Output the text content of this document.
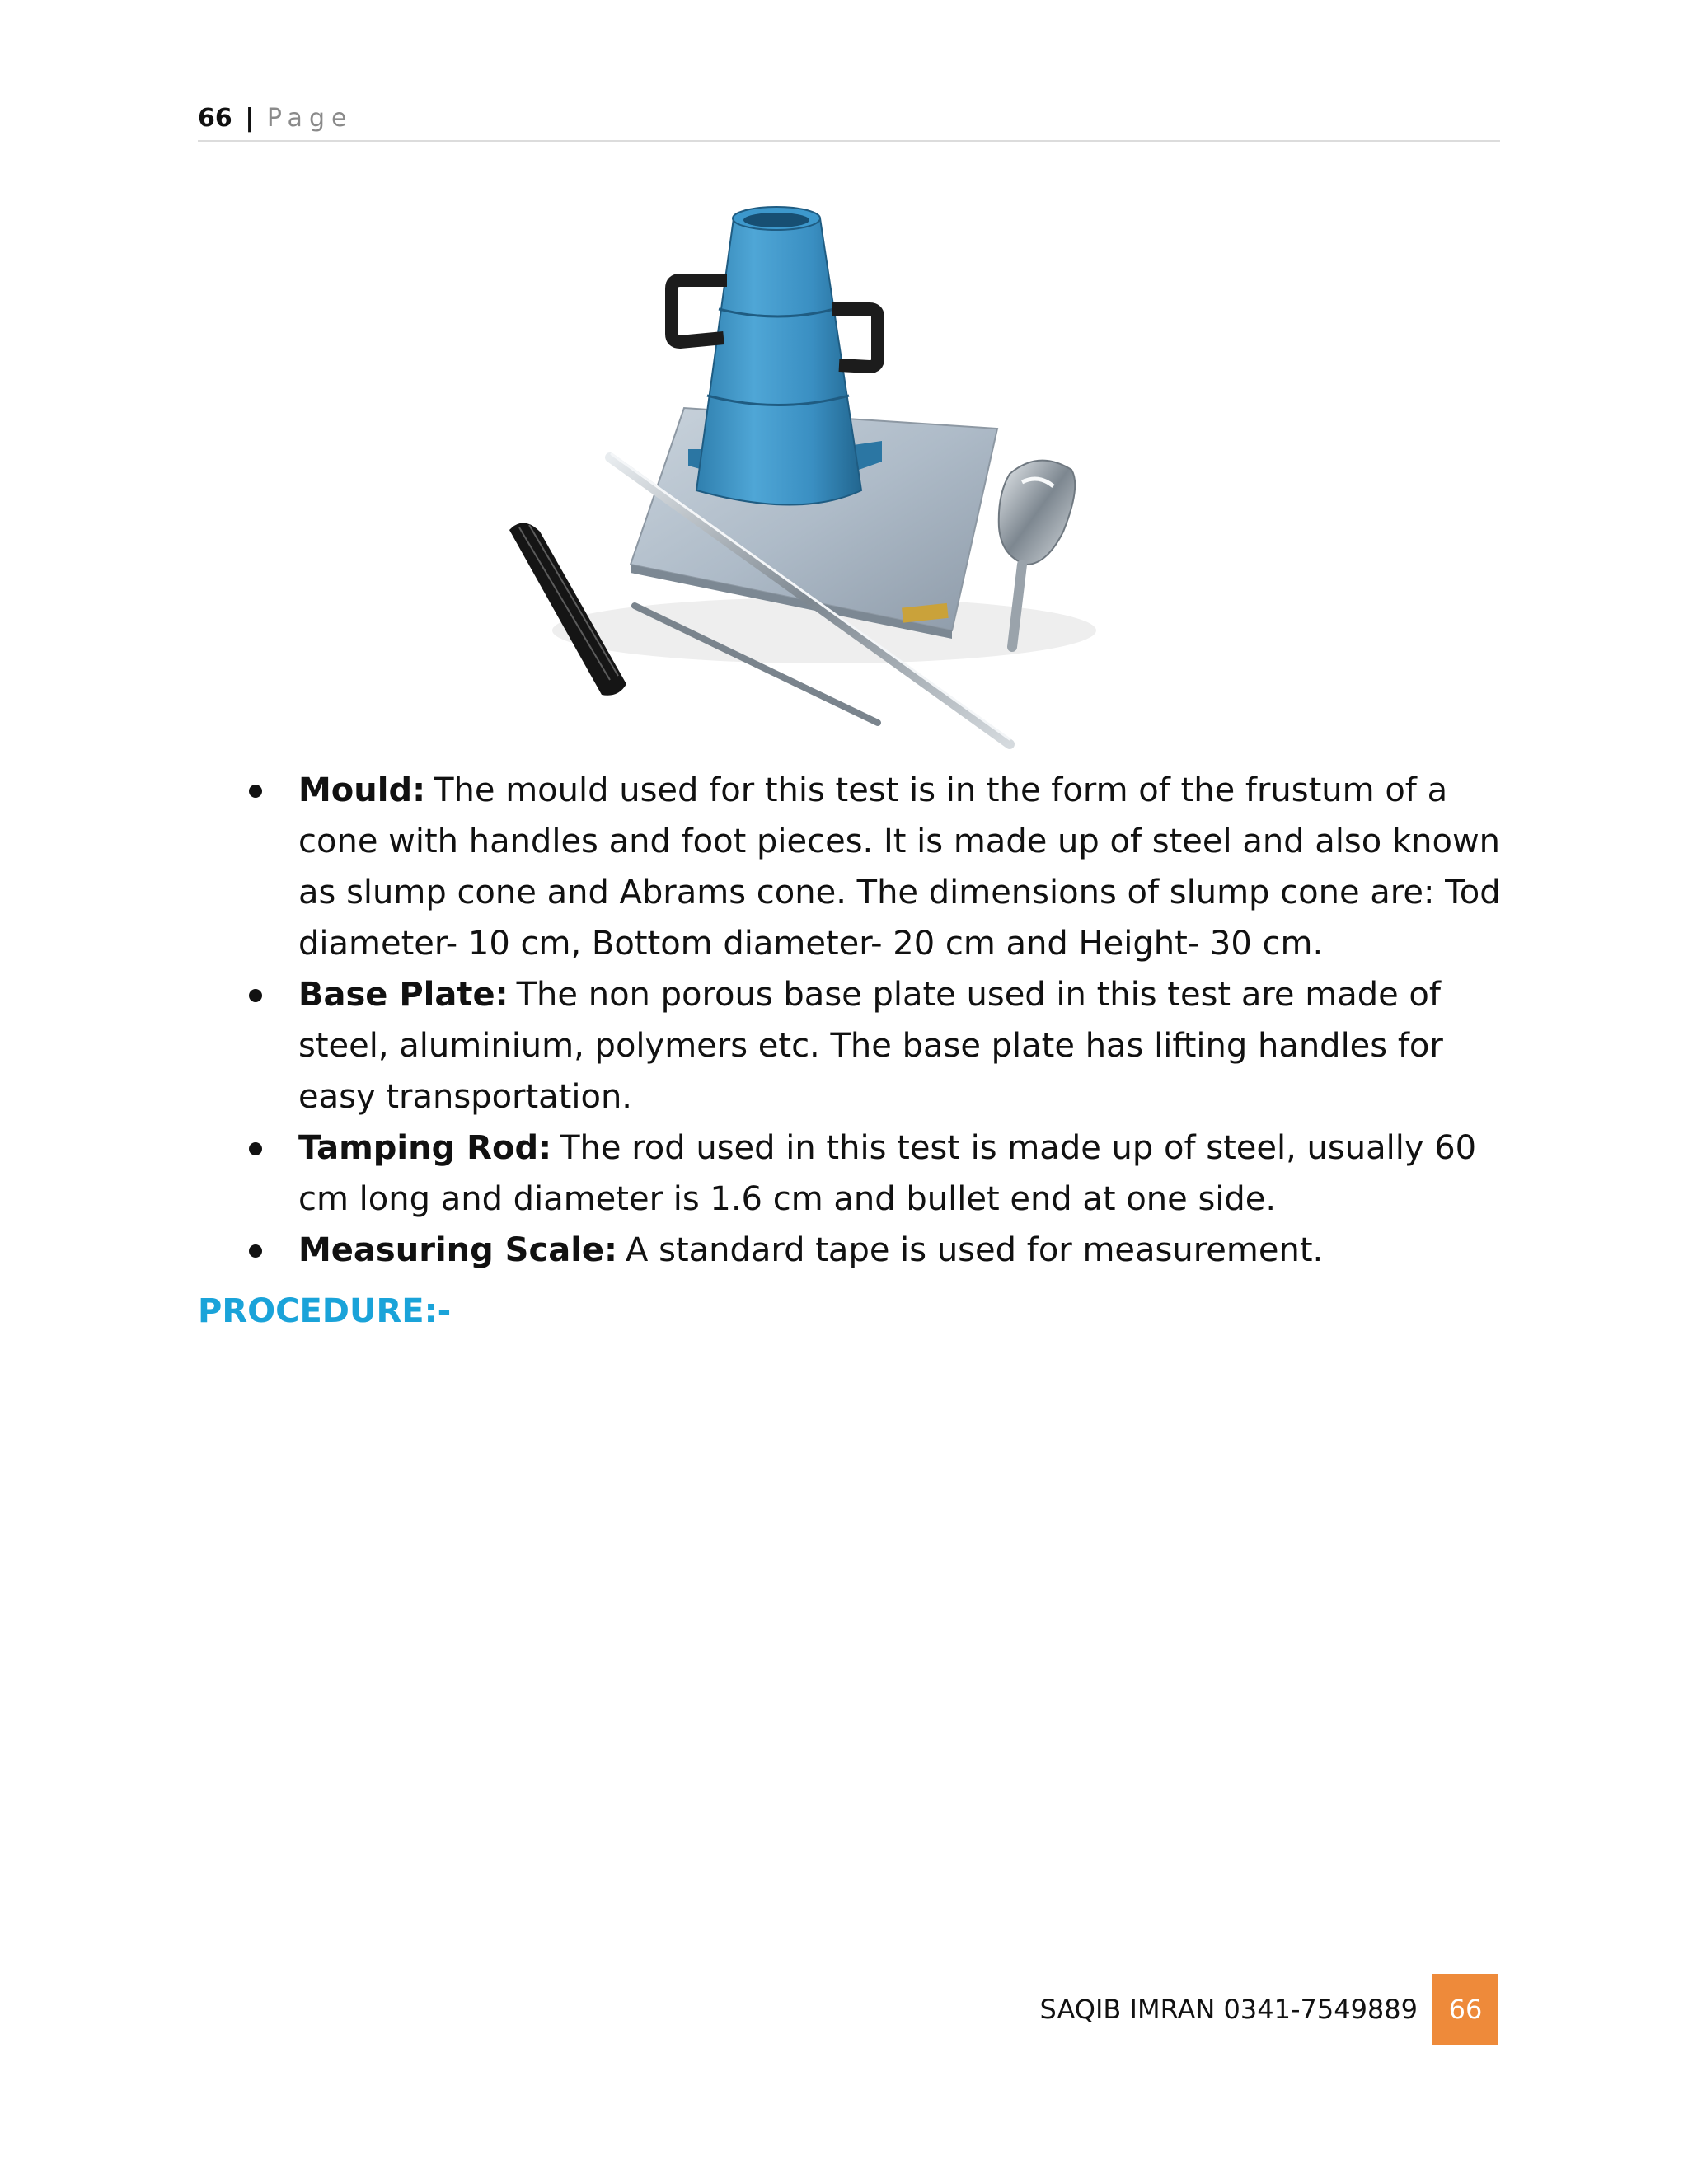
66 | Page
Mould: The mould used for this test is in the form of the frustum of a cone with handles and foot pieces. It is made up of steel and also known as slump cone and Abrams cone. The dimensions of slump cone are: Tod diameter- 10 cm, Bottom diameter- 20 cm and Height- 30 cm.
Base Plate: The non porous base plate used in this test are made of steel, aluminium, polymers etc. The base plate has lifting handles for easy transportation.
Tamping Rod: The rod used in this test is made up of steel, usually 60 cm long and diameter is 1.6 cm and bullet end at one side.
Measuring Scale: A standard tape is used for measurement.
PROCEDURE:-
SAQIB IMRAN 0341-7549889	66
